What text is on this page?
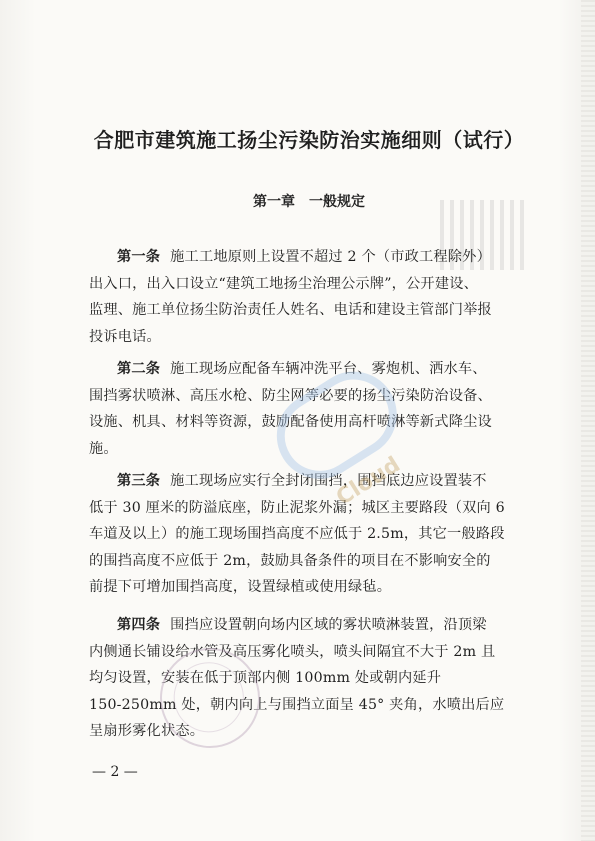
合肥市建筑施工扬尘污染防治实施细则（试行）
第一章　一般规定
第一条 施工工地原则上设置不超过 2 个（市政工程除外）
出入口，出入口设立“建筑工地扬尘治理公示牌”，公开建设、
监理、施工单位扬尘防治责任人姓名、电话和建设主管部门举报
投诉电话。
第二条 施工现场应配备车辆冲洗平台、雾炮机、洒水车、
围挡雾状喷淋、高压水枪、防尘网等必要的扬尘污染防治设备、
设施、机具、材料等资源，鼓励配备使用高杆喷淋等新式降尘设
施。
第三条 施工现场应实行全封闭围挡，围挡底边应设置装不
低于 30 厘米的防溢底座，防止泥浆外漏；城区主要路段（双向 6
车道及以上）的施工现场围挡高度不应低于 2.5m，其它一般路段
的围挡高度不应低于 2m，鼓励具备条件的项目在不影响安全的
前提下可增加围挡高度，设置绿植或使用绿毡。
第四条 围挡应设置朝向场内区域的雾状喷淋装置，沿顶梁
内侧通长铺设给水管及高压雾化喷头，喷头间隔宜不大于 2m 且
均匀设置，安装在低于顶部内侧 100mm 处或朝内延升
150-250mm 处，朝内向上与围挡立面呈 45° 夹角，水喷出后应
呈扇形雾化状态。
Cloud
— 2 —
